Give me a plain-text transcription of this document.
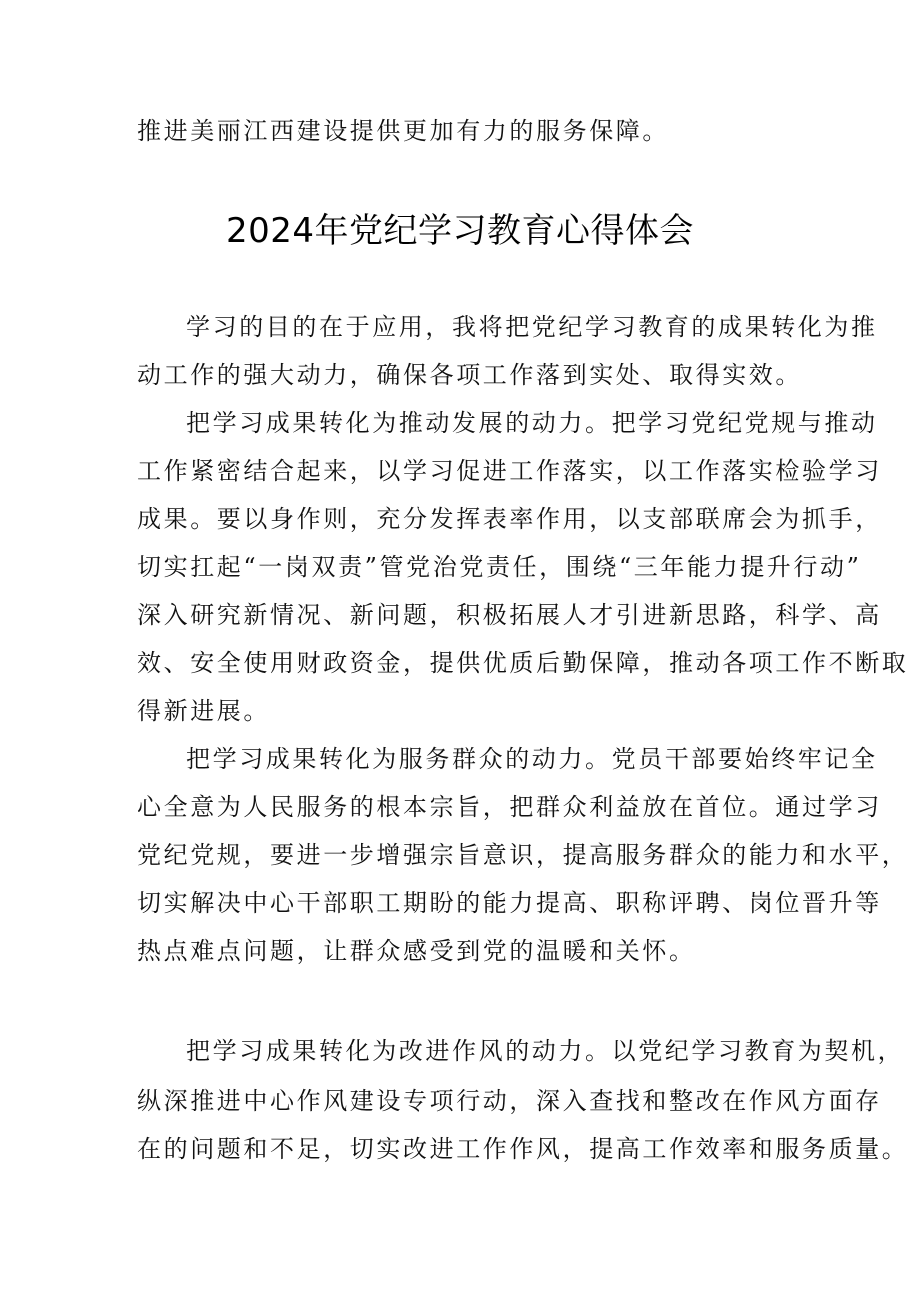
推进美丽江西建设提供更加有力的服务保障。
2024年党纪学习教育心得体会
学习的目的在于应用，我将把党纪学习教育的成果转化为推
动工作的强大动力，确保各项工作落到实处、取得实效。
把学习成果转化为推动发展的动力。把学习党纪党规与推动
工作紧密结合起来，以学习促进工作落实，以工作落实检验学习
成果。要以身作则，充分发挥表率作用，以支部联席会为抓手，
切实扛起“一岗双责”管党治党责任，围绕“三年能力提升行动”
深入研究新情况、新问题，积极拓展人才引进新思路，科学、高
效、安全使用财政资金，提供优质后勤保障，推动各项工作不断取
得新进展。
把学习成果转化为服务群众的动力。党员干部要始终牢记全
心全意为人民服务的根本宗旨，把群众利益放在首位。通过学习
党纪党规，要进一步增强宗旨意识，提高服务群众的能力和水平，
切实解决中心干部职工期盼的能力提高、职称评聘、岗位晋升等
热点难点问题，让群众感受到党的温暖和关怀。
把学习成果转化为改进作风的动力。以党纪学习教育为契机，
纵深推进中心作风建设专项行动，深入查找和整改在作风方面存
在的问题和不足，切实改进工作作风，提高工作效率和服务质量。
